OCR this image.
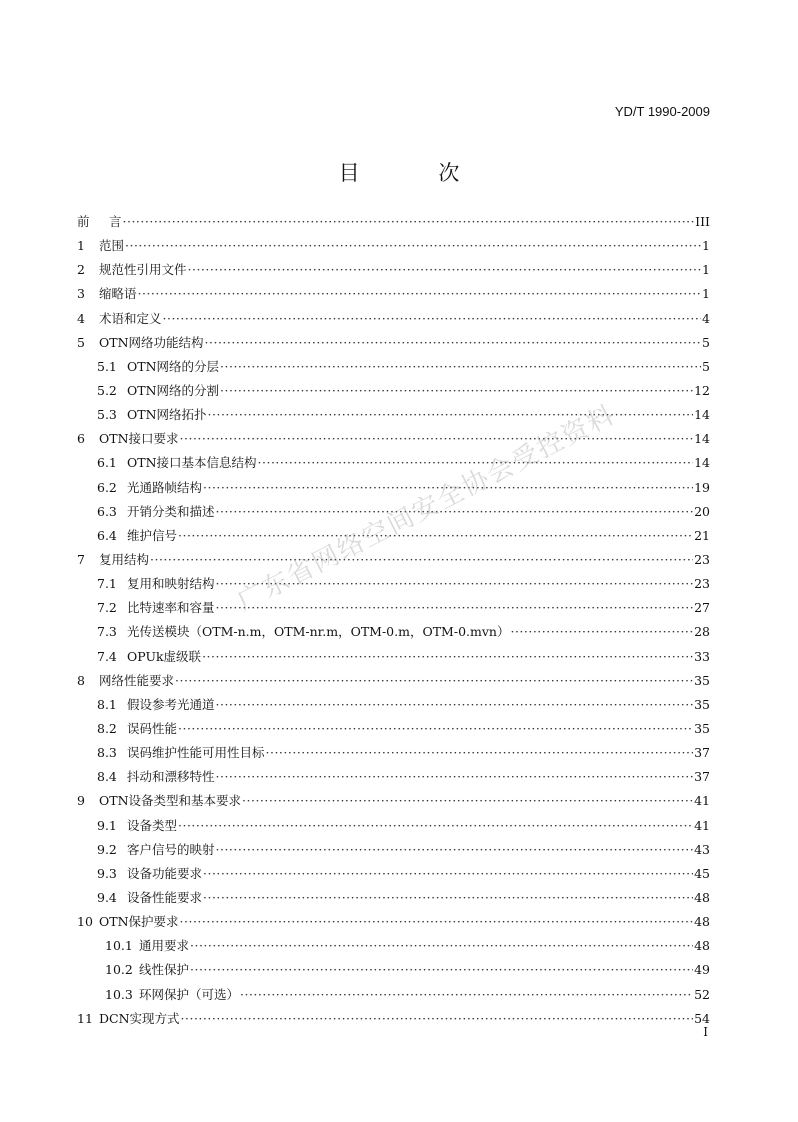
YD/T 1990-2009
目 次
前	言 ·····	III
1	范围 ·····	1
2	规范性引用文件 ·····	1
3	缩略语 ·····	1
4	术语和定义 ·····	4
5	OTN网络功能结构 ·····	5
5.1 OTN网络的分层 ·····	5
5.2 OTN网络的分割 ·····	12
5.3 OTN网络拓扑 ·····	14
6	OTN接口要求 ·····	14
6.1 OTN接口基本信息结构 ·····	14
6.2 光通路帧结构 ·····	19
6.3 开销分类和描述 ·····	20
6.4 维护信号 ·····	21
7	复用结构 ·····	23
7.1 复用和映射结构 ·····	23
7.2 比特速率和容量 ·····	27
7.3 光传送模块（OTM-n.m，OTM-nr.m，OTM-0.m，OTM-0.mvn） ·····	28
7.4 OPUk虚级联 ·····	33
8	网络性能要求 ·····	35
8.1 假设参考光通道 ·····	35
8.2 误码性能 ·····	35
8.3 误码维护性能可用性目标 ·····	37
8.4 抖动和漂移特性 ·····	37
9	OTN设备类型和基本要求 ·····	41
9.1 设备类型 ·····	41
9.2 客户信号的映射 ·····	43
9.3 设备功能要求 ·····	45
9.4 设备性能要求 ·····	48
10 OTN保护要求 ·····	48
10.1 通用要求 ·····	48
10.2 线性保护 ·····	49
10.3 环网保护（可选） ·····	52
11 DCN实现方式 ·····	54
广东省网络空间安全协会受控资料
I
